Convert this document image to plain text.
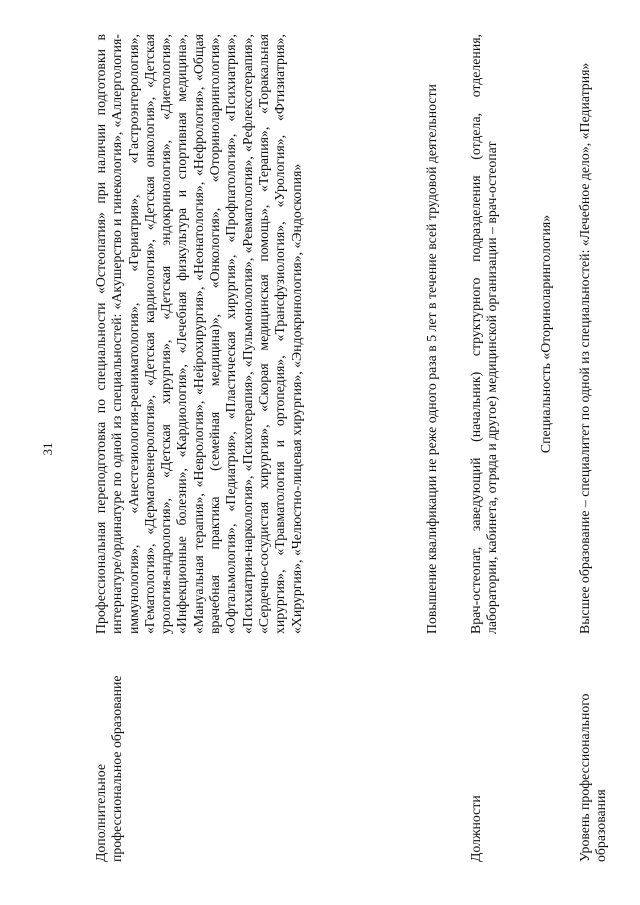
31

Дополнительное профессиональное образование

Профессиональная переподготовка по специальности «Остеопатия» при наличии подготовки в интернатуре/ординатуре по одной из специальностей: «Акушерство и гинекология», «Аллергология-иммунология», «Анестезиология-реаниматология», «Гериатрия», «Гастроэнтерология», «Гематология», «Дерматовенерология», «Детская кардиология», «Детская онкология», «Детская урология-андрология», «Детская хирургия», «Детская эндокринология», «Диетология», «Инфекционные болезни», «Кардиология», «Лечебная физкультура и спортивная медицина», «Мануальная терапия», «Неврология», «Нейрохирургия», «Неонатология», «Нефрология», «Общая врачебная практика (семейная медицина)», «Онкология», «Оториноларингология», «Офтальмология», «Педиатрия», «Пластическая хирургия», «Профпатология», «Психиатрия», «Психиатрия-наркология», «Психотерапия», «Пульмонология», «Ревматология», «Рефлексотерапия», «Сердечно-сосудистая хирургия», «Скорая медицинская помощь», «Терапия», «Торакальная хирургия», «Травматология и ортопедия», «Трансфузиология», «Урология», «Фтизиатрия», «Хирургия», «Челюстно-лицевая хирургия», «Эндокринология», «Эндоскопия»	Повышение квалификации не реже одного раза в 5 лет в течение всей трудовой деятельности

Должности

Врач-остеопат, заведующий (начальник) структурного подразделения (отдела, отделения, лаборатории, кабинета, отряда и другое) медицинской организации – врач-остеопат	Специальность «Оториноларингология»

Уровень профессионального образования

Высшее образование – специалитет по одной из специальностей: «Лечебное дело», «Педиатрия»
